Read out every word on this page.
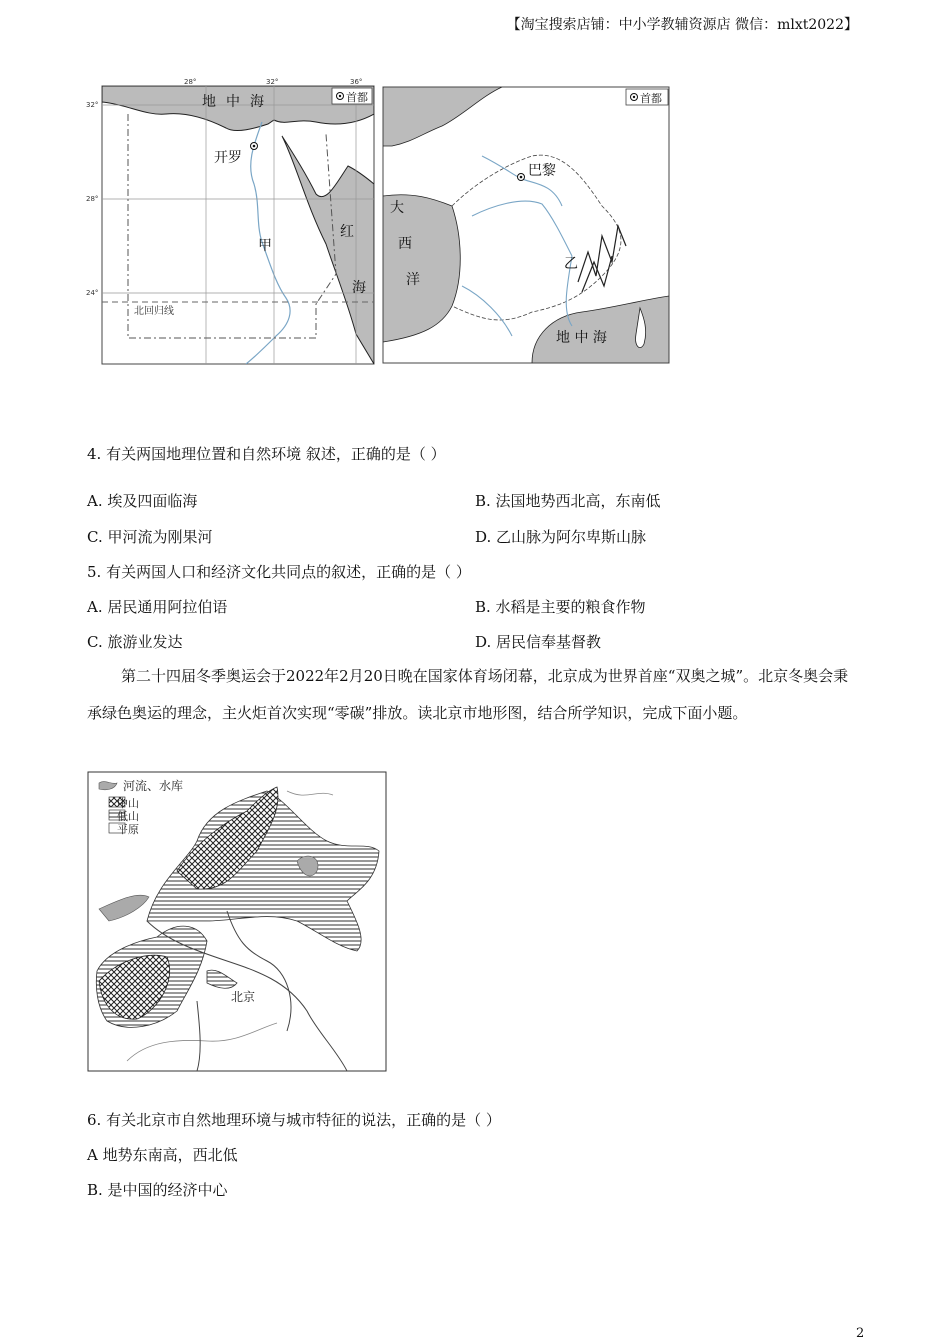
【淘宝搜索店铺：中小学教辅资源店 微信：mlxt2022】
28°	32°	36°
32°
28°
24°
地中海	首都
开罗
甲
红
海
北回归线
首都
巴黎
大
西
洋
乙
地 中 海
4. 有关两国地理位置和自然环境 叙述，正确的是（ ）
A. 埃及四面临海	B. 法国地势西北高，东南低
C. 甲河流为刚果河	D. 乙山脉为阿尔卑斯山脉
5. 有关两国人口和经济文化共同点的叙述，正确的是（ ）
A. 居民通用阿拉伯语	B. 水稻是主要的粮食作物
C. 旅游业发达	D. 居民信奉基督教
第二十四届冬季奥运会于2022年2月20日晚在国家体育场闭幕，北京成为世界首座“双奥之城”。北京冬奥会秉承绿色奥运的理念，主火炬首次实现“零碳”排放。读北京市地形图，结合所学知识，完成下面小题。
河流、水库
中山
低山
平原
北京
6. 有关北京市自然地理环境与城市特征的说法，正确的是（ ）
A 地势东南高，西北低
B. 是中国的经济中心
2
